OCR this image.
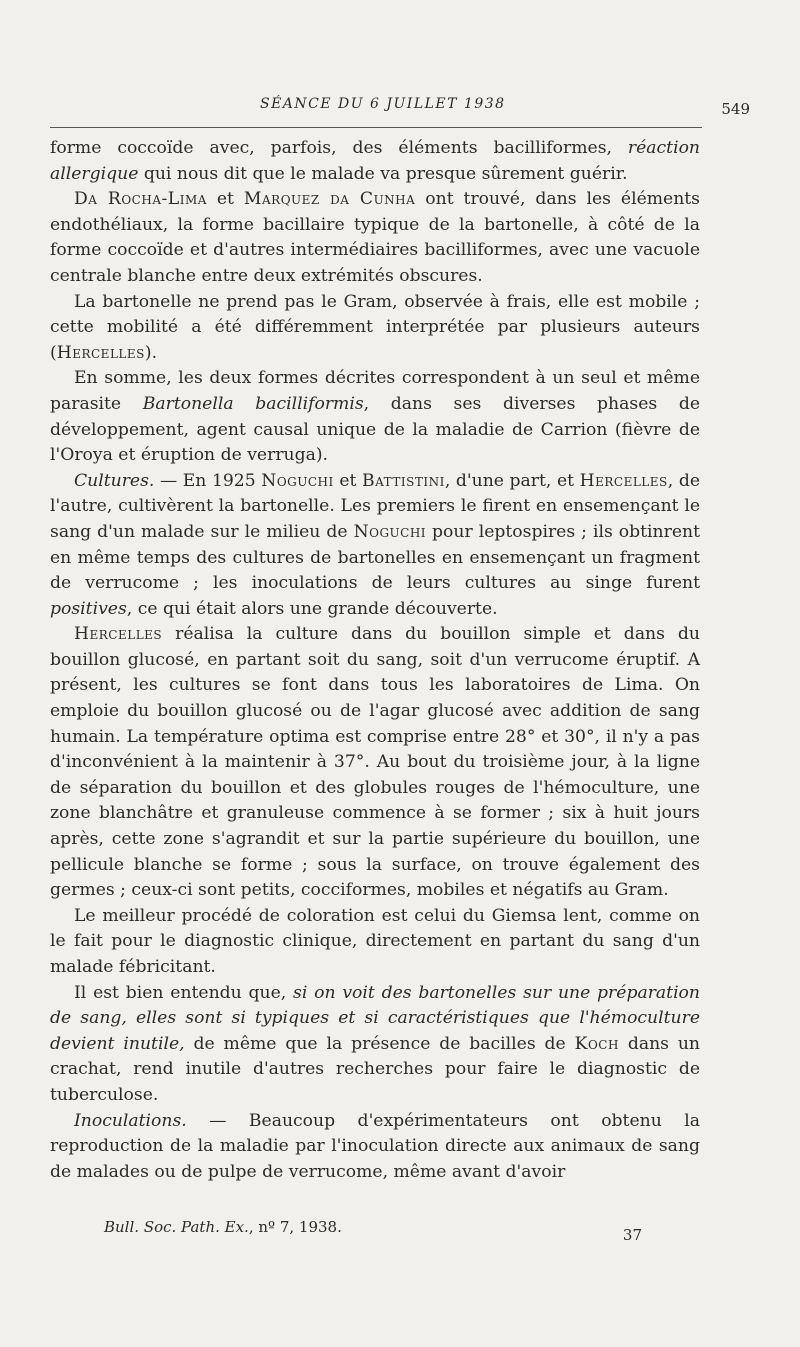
SÉANCE DU 6 JUILLET 1938	549

forme coccoïde avec, parfois, des éléments bacilliformes, réaction allergique qui nous dit que le malade va presque sûrement guérir.

Da Rocha-Lima et Marquez da Cunha ont trouvé, dans les éléments endothéliaux, la forme bacillaire typique de la bartonelle, à côté de la forme coccoïde et d'autres intermédiaires bacilliformes, avec une vacuole centrale blanche entre deux extrémités obscures.

La bartonelle ne prend pas le Gram, observée à frais, elle est mobile ; cette mobilité a été différemment interprétée par plusieurs auteurs (Hercelles).

En somme, les deux formes décrites correspondent à un seul et même parasite Bartonella bacilliformis, dans ses diverses phases de développement, agent causal unique de la maladie de Carrion (fièvre de l'Oroya et éruption de verruga).

Cultures. — En 1925 Noguchi et Battistini, d'une part, et Hercelles, de l'autre, cultivèrent la bartonelle. Les premiers le firent en ensemençant le sang d'un malade sur le milieu de Noguchi pour leptospires ; ils obtinrent en même temps des cultures de bartonelles en ensemençant un fragment de verrucome ; les inoculations de leurs cultures au singe furent positives, ce qui était alors une grande découverte.

Hercelles réalisa la culture dans du bouillon simple et dans du bouillon glucosé, en partant soit du sang, soit d'un verrucome éruptif. A présent, les cultures se font dans tous les laboratoires de Lima. On emploie du bouillon glucosé ou de l'agar glucosé avec addition de sang humain. La température optima est comprise entre 28° et 30°, il n'y a pas d'inconvénient à la maintenir à 37°. Au bout du troisième jour, à la ligne de séparation du bouillon et des globules rouges de l'hémoculture, une zone blanchâtre et granuleuse commence à se former ; six à huit jours après, cette zone s'agrandit et sur la partie supérieure du bouillon, une pellicule blanche se forme ; sous la surface, on trouve également des germes ; ceux-ci sont petits, cocciformes, mobiles et négatifs au Gram.

Le meilleur procédé de coloration est celui du Giemsa lent, comme on le fait pour le diagnostic clinique, directement en partant du sang d'un malade fébricitant.

Il est bien entendu que, si on voit des bartonelles sur une préparation de sang, elles sont si typiques et si caractéristiques que l'hémoculture devient inutile, de même que la présence de bacilles de Koch dans un crachat, rend inutile d'autres recherches pour faire le diagnostic de tuberculose.

Inoculations. — Beaucoup d'expérimentateurs ont obtenu la reproduction de la maladie par l'inoculation directe aux animaux de sang de malades ou de pulpe de verrucome, même avant d'avoir

Bull. Soc. Path. Ex., nº 7, 1938.	37
